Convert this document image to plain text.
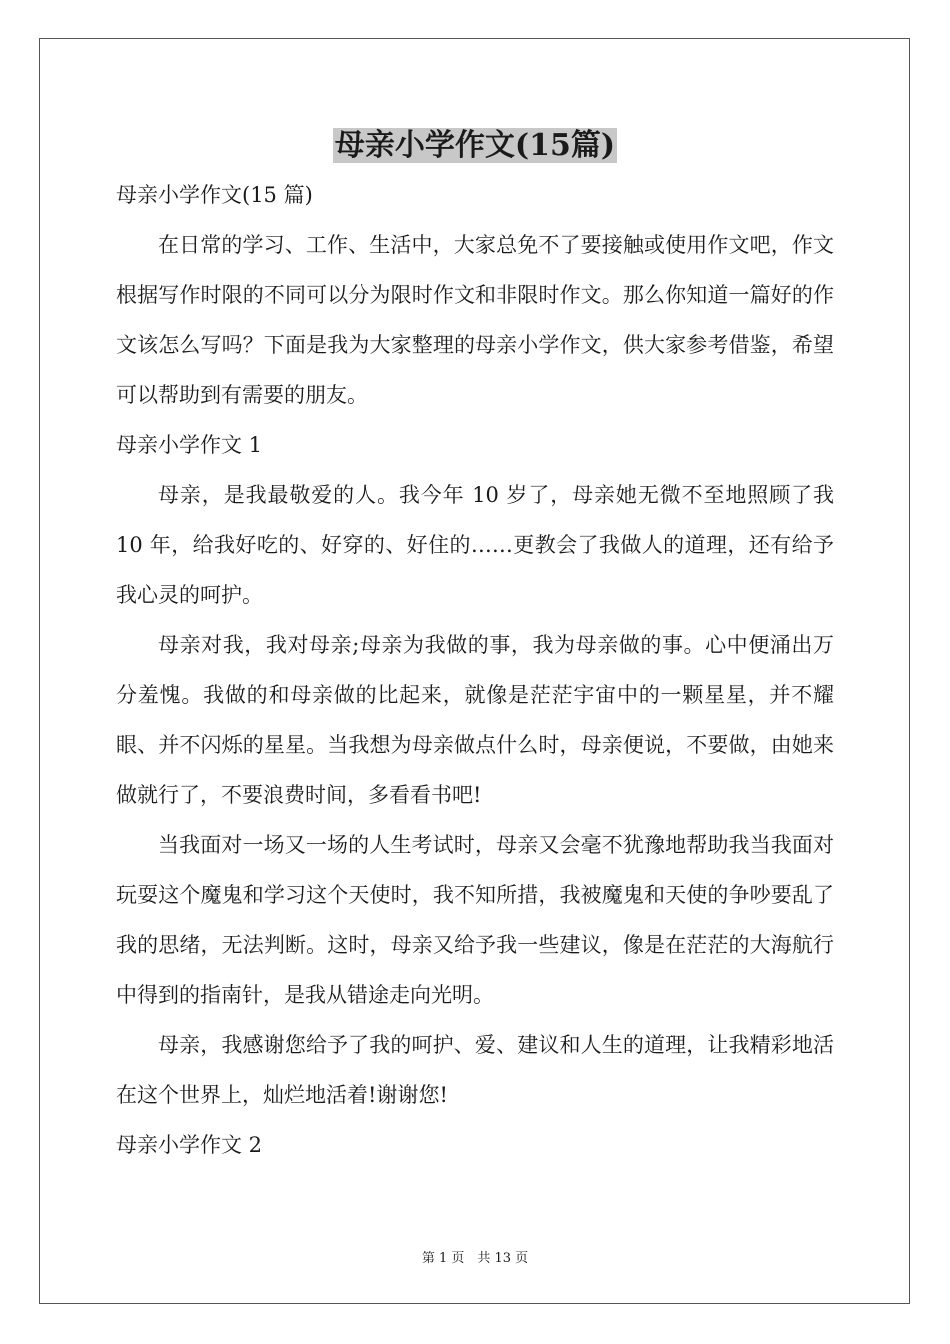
母亲小学作文(15篇)

母亲小学作文(15 篇)

在日常的学习、工作、生活中，大家总免不了要接触或使用作文吧，作文根据写作时限的不同可以分为限时作文和非限时作文。那么你知道一篇好的作文该怎么写吗？下面是我为大家整理的母亲小学作文，供大家参考借鉴，希望可以帮助到有需要的朋友。

母亲小学作文 1

母亲，是我最敬爱的人。我今年 10 岁了，母亲她无微不至地照顾了我 10 年，给我好吃的、好穿的、好住的……更教会了我做人的道理，还有给予我心灵的呵护。

母亲对我，我对母亲;母亲为我做的事，我为母亲做的事。心中便涌出万分羞愧。我做的和母亲做的比起来，就像是茫茫宇宙中的一颗星星，并不耀眼、并不闪烁的星星。当我想为母亲做点什么时，母亲便说，不要做，由她来做就行了，不要浪费时间，多看看书吧!

当我面对一场又一场的人生考试时，母亲又会毫不犹豫地帮助我当我面对玩耍这个魔鬼和学习这个天使时，我不知所措，我被魔鬼和天使的争吵要乱了我的思绪，无法判断。这时，母亲又给予我一些建议，像是在茫茫的大海航行中得到的指南针，是我从错途走向光明。

母亲，我感谢您给予了我的呵护、爱、建议和人生的道理，让我精彩地活在这个世界上，灿烂地活着!谢谢您!

母亲小学作文 2

第 1 页　共 13 页
